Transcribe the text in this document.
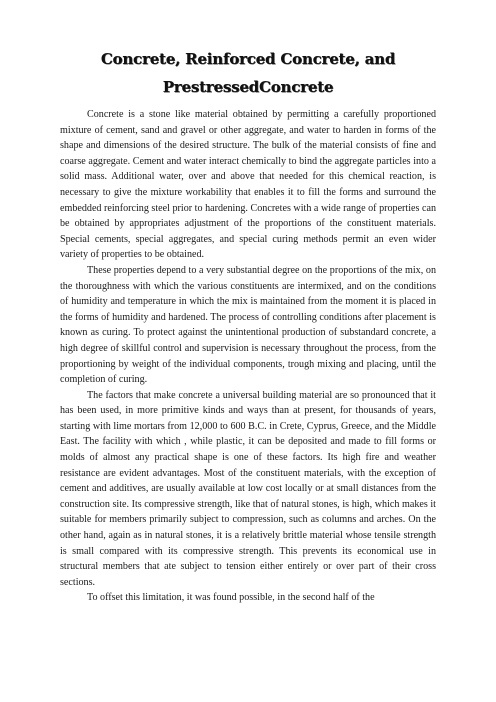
Concrete, Reinforced Concrete, and
PrestressedConcrete

Concrete is a stone like material obtained by permitting a carefully proportioned mixture of cement, sand and gravel or other aggregate, and water to harden in forms of the shape and dimensions of the desired structure. The bulk of the material consists of fine and coarse aggregate. Cement and water interact chemically to bind the aggregate particles into a solid mass. Additional water, over and above that needed for this chemical reaction, is necessary to give the mixture workability that enables it to fill the forms and surround the embedded reinforcing steel prior to hardening. Concretes with a wide range of properties can be obtained by appropriates adjustment of the proportions of the constituent materials. Special cements, special aggregates, and special curing methods permit an even wider variety of properties to be obtained.

These properties depend to a very substantial degree on the proportions of the mix, on the thoroughness with which the various constituents are intermixed, and on the conditions of humidity and temperature in which the mix is maintained from the moment it is placed in the forms of humidity and hardened. The process of controlling conditions after placement is known as curing. To protect against the unintentional production of substandard concrete, a high degree of skillful control and supervision is necessary throughout the process, from the proportioning by weight of the individual components, trough mixing and placing, until the completion of curing.

The factors that make concrete a universal building material are so pronounced that it has been used, in more primitive kinds and ways than at present, for thousands of years, starting with lime mortars from 12,000 to 600 B.C. in Crete, Cyprus, Greece, and the Middle East. The facility with which , while plastic, it can be deposited and made to fill forms or molds of almost any practical shape is one of these factors. Its high fire and weather resistance are evident advantages. Most of the constituent materials, with the exception of cement and additives, are usually available at low cost locally or at small distances from the construction site. Its compressive strength, like that of natural stones, is high, which makes it suitable for members primarily subject to compression, such as columns and arches. On the other hand, again as in natural stones, it is a relatively brittle material whose tensile strength is small compared with its compressive strength. This prevents its economical use in structural members that ate subject to tension either entirely or over part of their cross sections.

To offset this limitation, it was found possible, in the second half of the
